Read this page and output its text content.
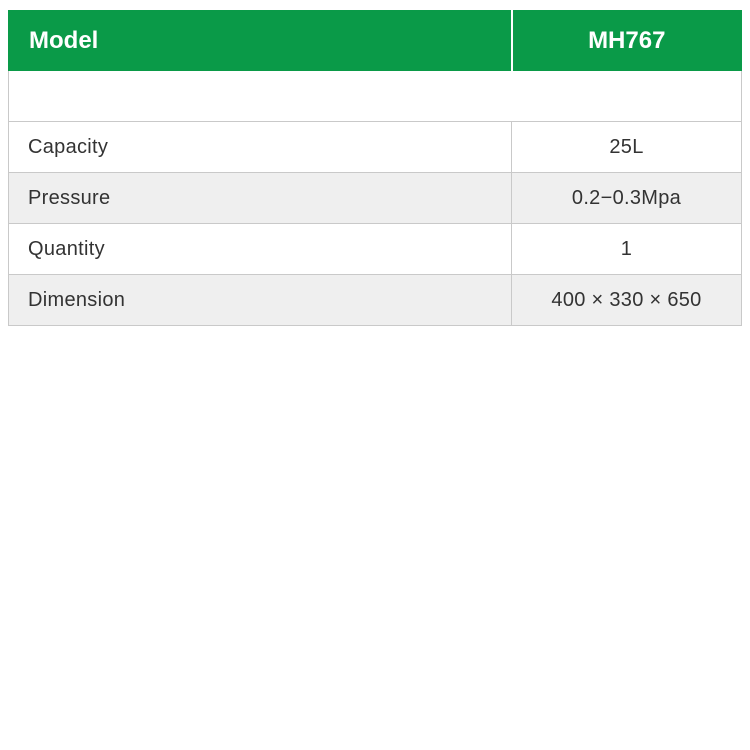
Model	MH767

Capacity	25L
Pressure	0.2−0.3Mpa
Quantity	1
Dimension	400 × 330 × 650
